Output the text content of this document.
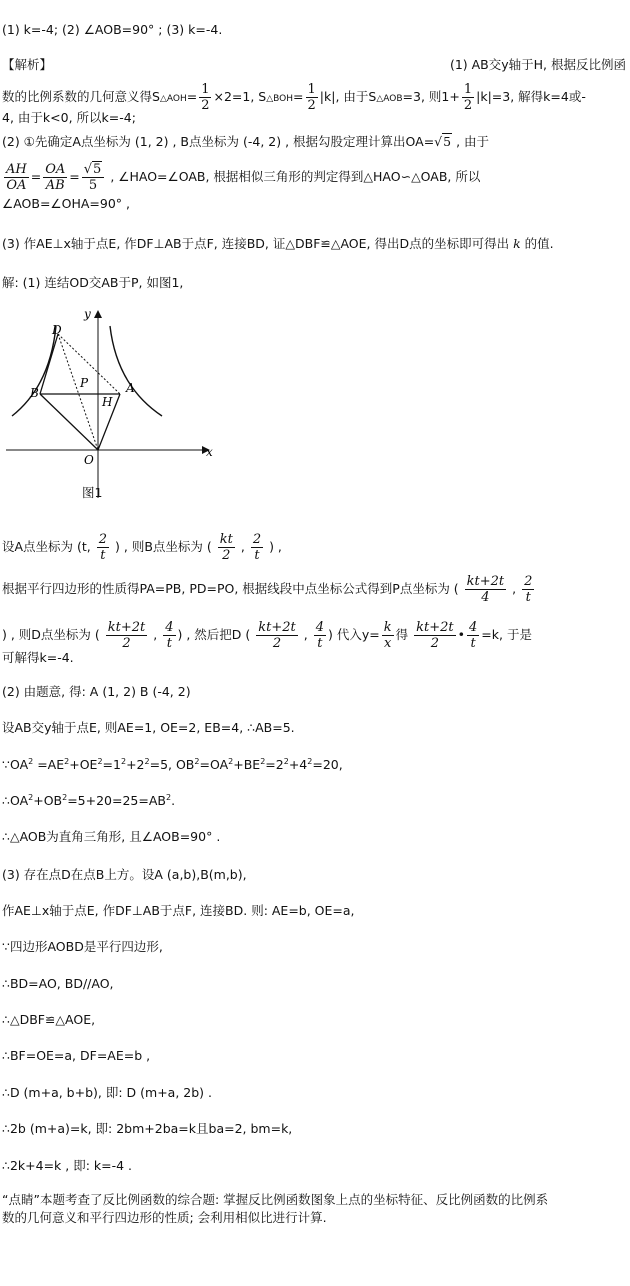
(1) k=-4; (2) ∠AOB=90° ; (3) k=-4.
【解析】	(1) AB交y轴于H, 根据反比例函
数的比例系数的几何意义得S△AOH= $\frac{1}{2} \times 2=1$, S△BOH= $\frac{1}{2} |k|$, 由于S△AOB=3, 则$1+ \frac{1}{2} |k|=3$, 解得k=4或-
4, 由于k<0, 所以k=-4;
(2) ①先确定A点坐标为 (1, 2) , B点坐标为 (-4, 2) , 根据勾股定理计算出OA=√5 , 由于
$\frac{AH}{OA} = \frac{OA}{AB} = \frac{√5}{5}$ , ∠HAO=∠OAB, 根据相似三角形的判定得到△HAO∽△OAB, 所以
∠AOB=∠OHA=90° ,
(3) 作AE⊥x轴于点E, 作DF⊥AB于点F, 连接BD, 证△DBF≌△AOE, 得出D点的坐标即可得出 k 的值.
解: (1) 连结OD交AB于P, 如图1,
y
x
D
B
P	A
H
O
图1
设A点坐标为 (t, $\frac{2}{t}$ ) , 则B点坐标为 ( $\frac{kt}{2}$ , $\frac{2}{t}$ ) ,
根据平行四边形的性质得PA=PB, PD=PO, 根据线段中点坐标公式得到P点坐标为 ( $\frac{kt+2t}{4}$ , $\frac{2}{t}$
) , 则D点坐标为 ( $\frac{kt+2t}{2}$ , $\frac{4}{t}$ ) , 然后把D ( $\frac{kt+2t}{2}$ , $\frac{4}{t}$ ) 代入$y= \frac{k}{x}$ 得 $\frac{kt+2t}{2}$ • $\frac{4}{t} =k$, 于是
可解得k=-4.
(2) 由题意, 得: A (1, 2) B (-4, 2)
设AB交y轴于点E, 则AE=1, OE=2, EB=4, ∴AB=5.
$\because OA^2 =AE^2+OE^2=1^2+2^2=5$, $OB^2=OA^2+BE^2=2^2+4^2=20$,
$\therefore OA^2+OB^2=5+20=25=AB^2$.
∴△AOB为直角三角形, 且∠AOB=90° .
(3) 存在点D在点B上方。设A (a,b),B(m,b),
作AE⊥x轴于点E, 作DF⊥AB于点F, 连接BD. 则: AE=b, OE=a,
∵四边形AOBD是平行四边形,
∴BD=AO, BD//AO,
∴△DBF≌△AOE,
∴BF=OE=a, DF=AE=b ,
∴D (m+a, b+b), 即: D (m+a, 2b) .
∴2b (m+a)=k, 即: 2bm+2ba=k且ba=2, bm=k,
∴2k+4=k , 即: k=-4 .
“点睛”本题考查了反比例函数的综合题: 掌握反比例函数图象上点的坐标特征、反比例函数的比例系
数的几何意义和平行四边形的性质; 会利用相似比进行计算.
